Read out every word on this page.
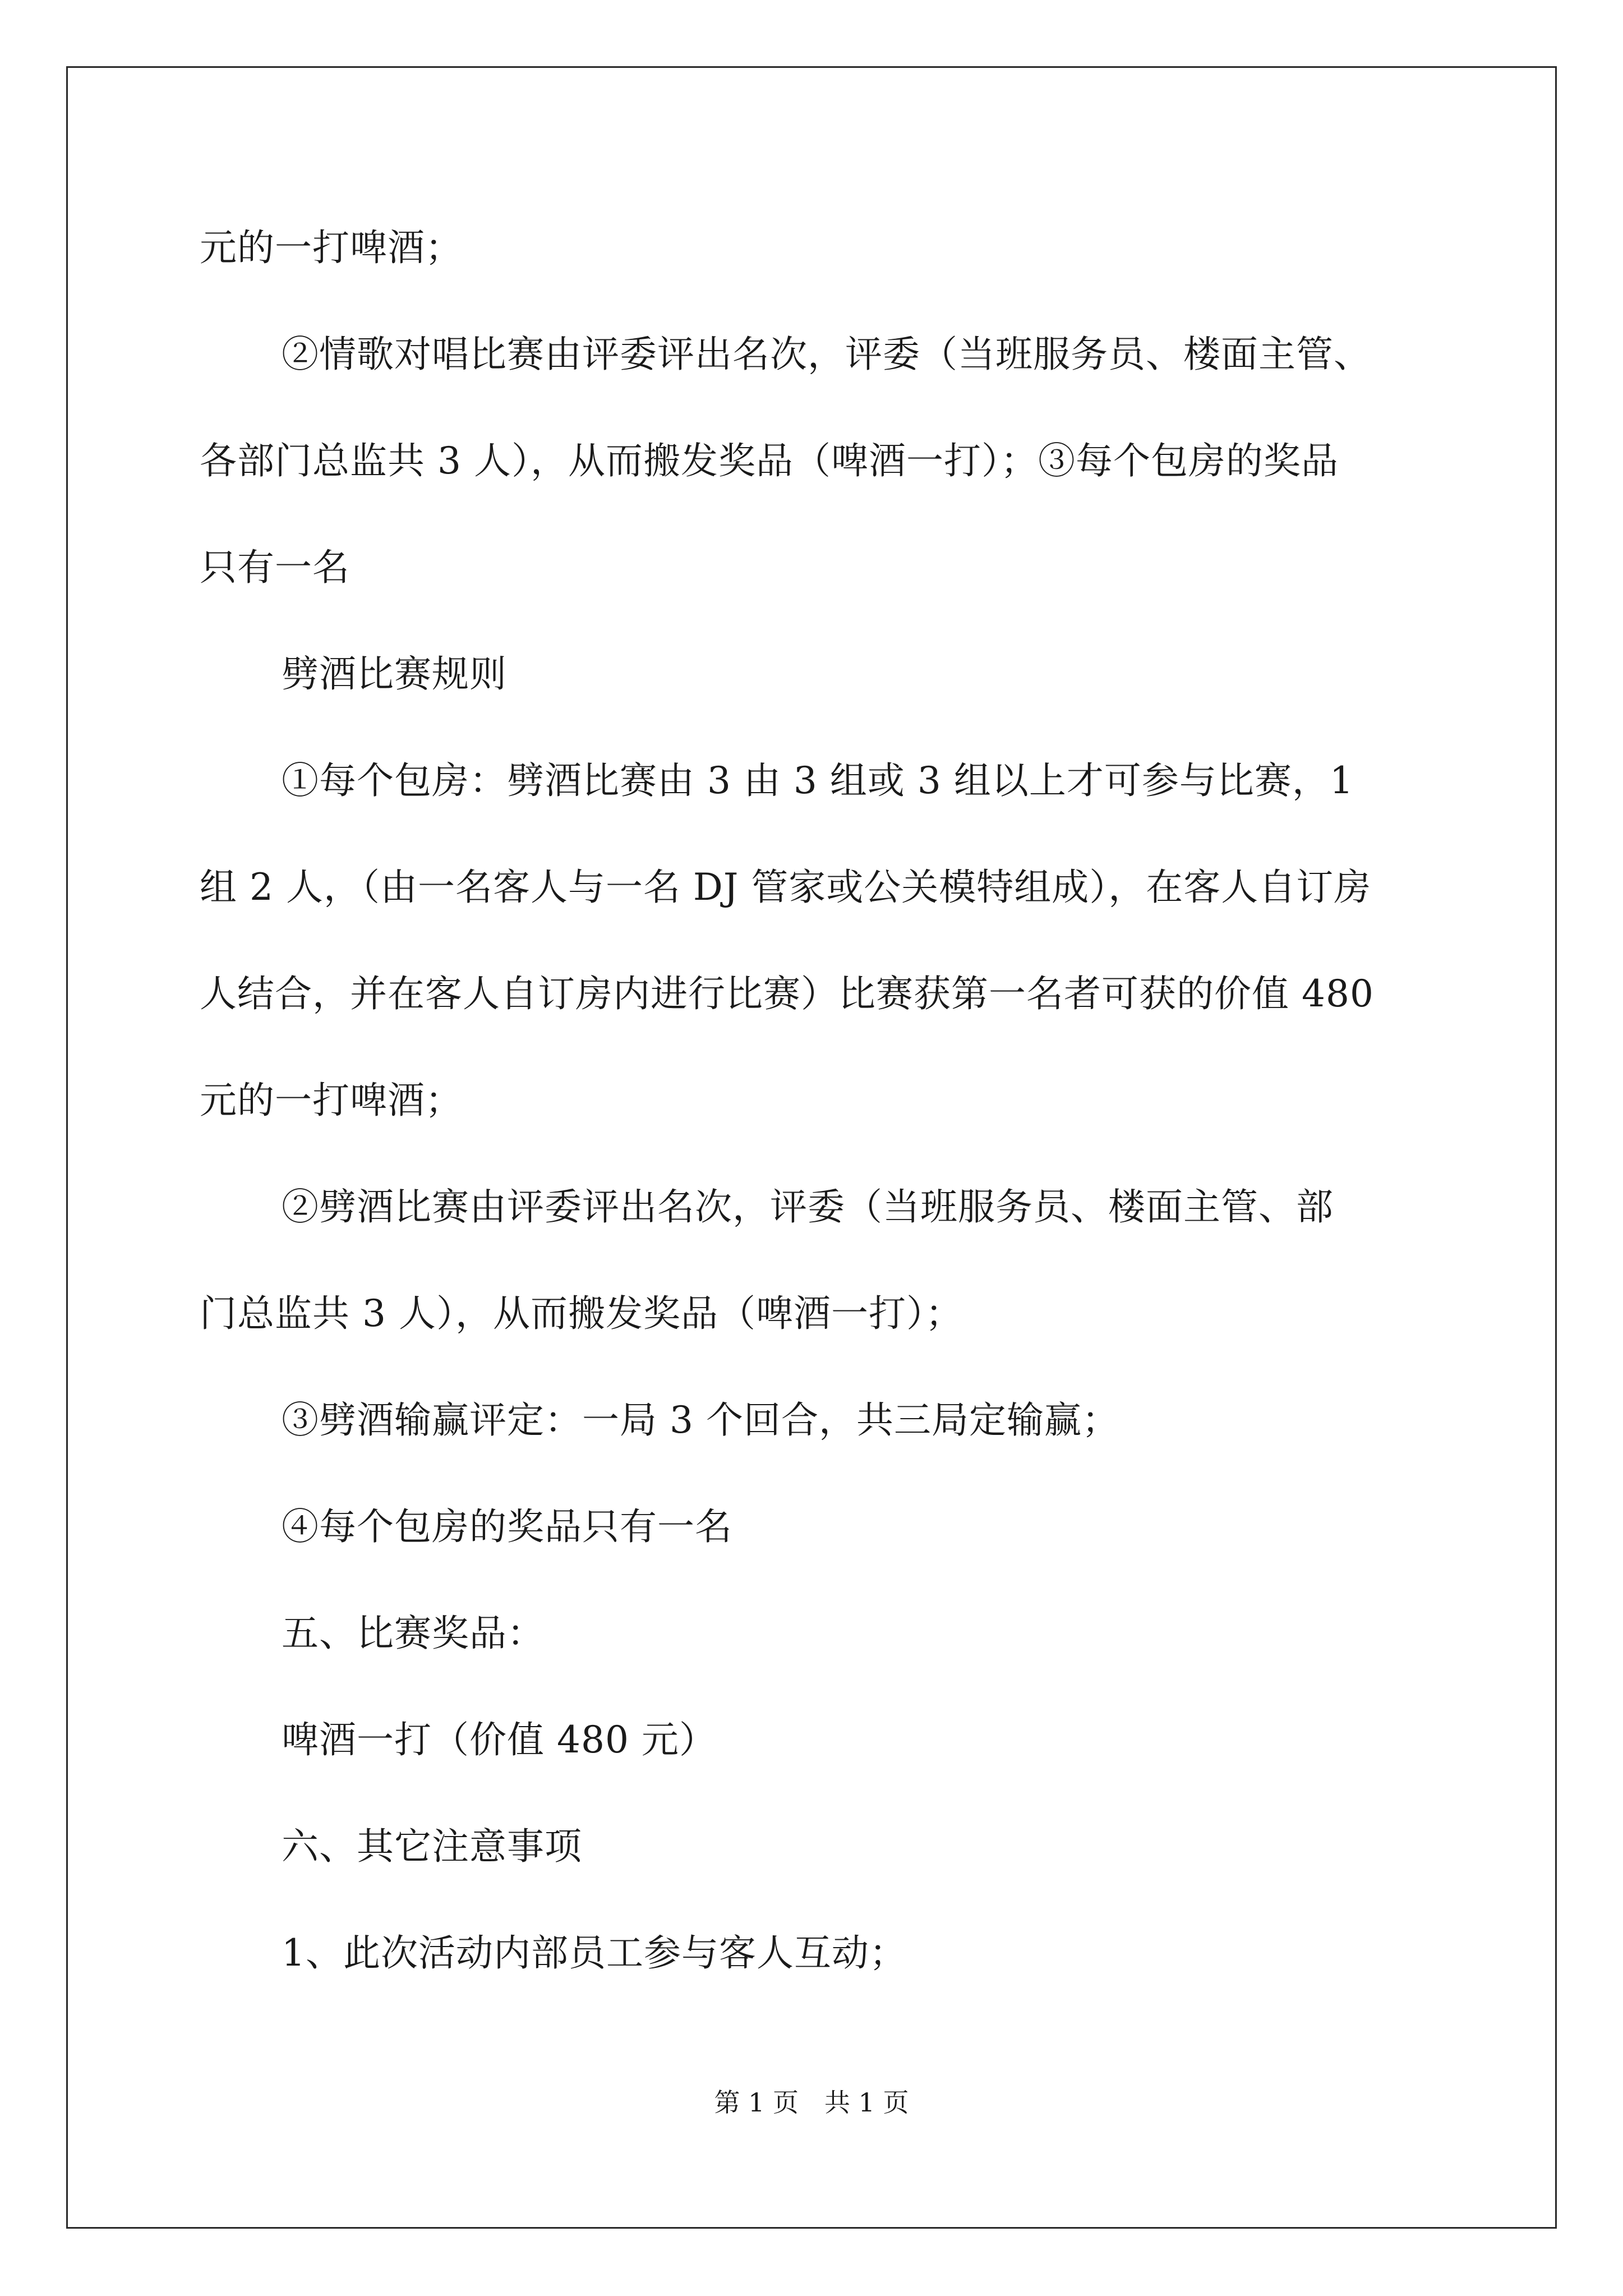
元的一打啤酒；
②情歌对唱比赛由评委评出名次，评委（当班服务员、楼面主管、
各部门总监共 3 人），从而搬发奖品（啤酒一打）；③每个包房的奖品
只有一名
劈酒比赛规则
①每个包房：劈酒比赛由 3 由 3 组或 3 组以上才可参与比赛，1
组 2 人，（由一名客人与一名 DJ 管家或公关模特组成），在客人自订房
人结合，并在客人自订房内进行比赛）比赛获第一名者可获的价值 480
元的一打啤酒；
②劈酒比赛由评委评出名次，评委（当班服务员、楼面主管、部
门总监共 3 人），从而搬发奖品（啤酒一打）；
③劈酒输赢评定：一局 3 个回合，共三局定输赢；
④每个包房的奖品只有一名
五、比赛奖品：
啤酒一打（价值 480 元）
六、其它注意事项
1、此次活动内部员工参与客人互动；
第 1 页　共 1 页
